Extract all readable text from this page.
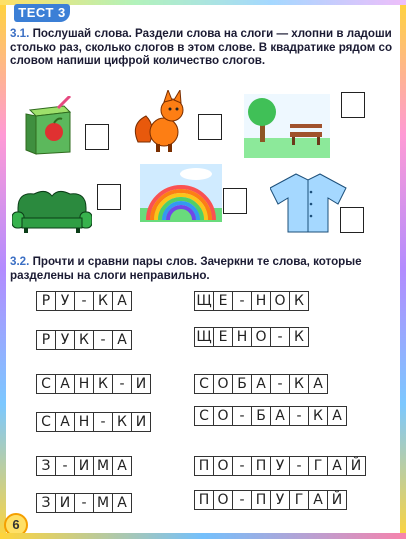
ТЕСТ 3
3.1. Послушай слова. Раздели слова на слоги — хлопни в ладоши столько раз, сколько слогов в этом слове. В квадратике рядом со словом напиши цифрой количество слогов.
3.2. Прочти и сравни пары слов. Зачеркни те слова, которые разделены на слоги неправильно.
Р У - К А
Р У К - А
С А Н К - И
С А Н - К И
З - И М А
З И - М А
Щ Е - Н О К
Щ Е Н О - К
С О Б А - К А
С О - Б А - К А
П О - П У - Г А Й
П О - П У Г А Й
6
